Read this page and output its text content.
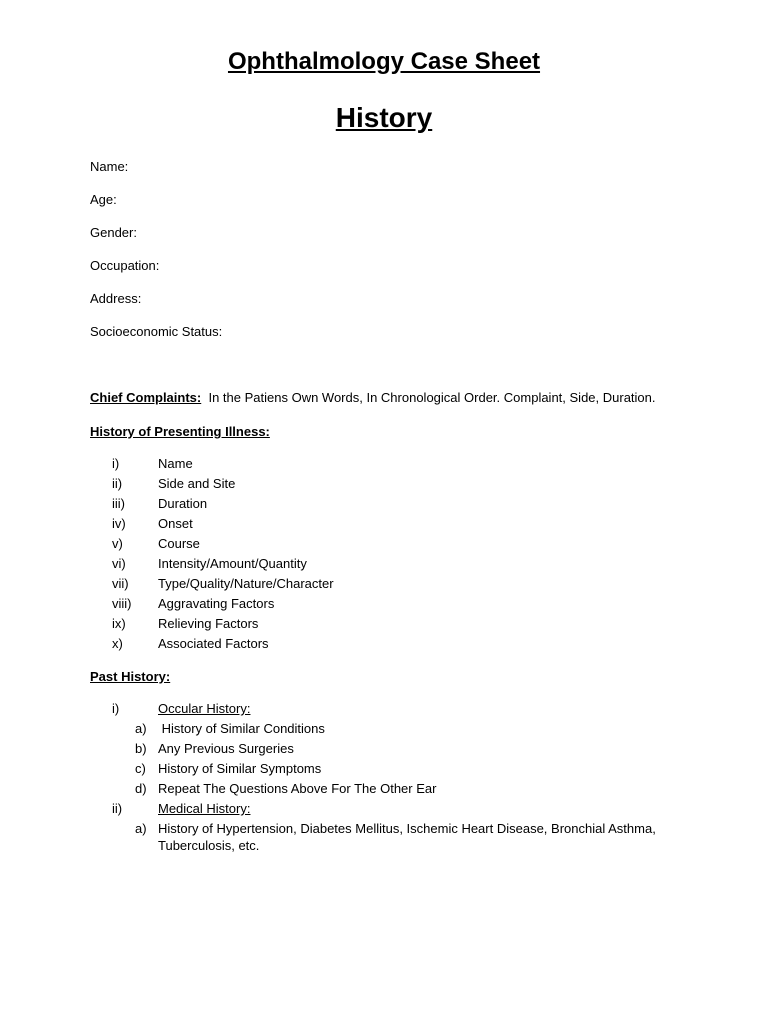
Ophthalmology Case Sheet
History
Name:
Age:
Gender:
Occupation:
Address:
Socioeconomic Status:
Chief Complaints: In the Patiens Own Words, In Chronological Order. Complaint, Side, Duration.
History of Presenting Illness:
i)	Name
ii)	Side and Site
iii)	Duration
iv) Onset
v)	Course
vi) Intensity/Amount/Quantity
vii) Type/Quality/Nature/Character
viii) Aggravating Factors
ix) Relieving Factors
x)	Associated Factors
Past History:
i)	Occular History:
a) History of Similar Conditions
b) Any Previous Surgeries
c) History of Similar Symptoms
d) Repeat The Questions Above For The Other Ear
ii)	Medical History:
a) History of Hypertension, Diabetes Mellitus, Ischemic Heart Disease, Bronchial Asthma, Tuberculosis, etc.
